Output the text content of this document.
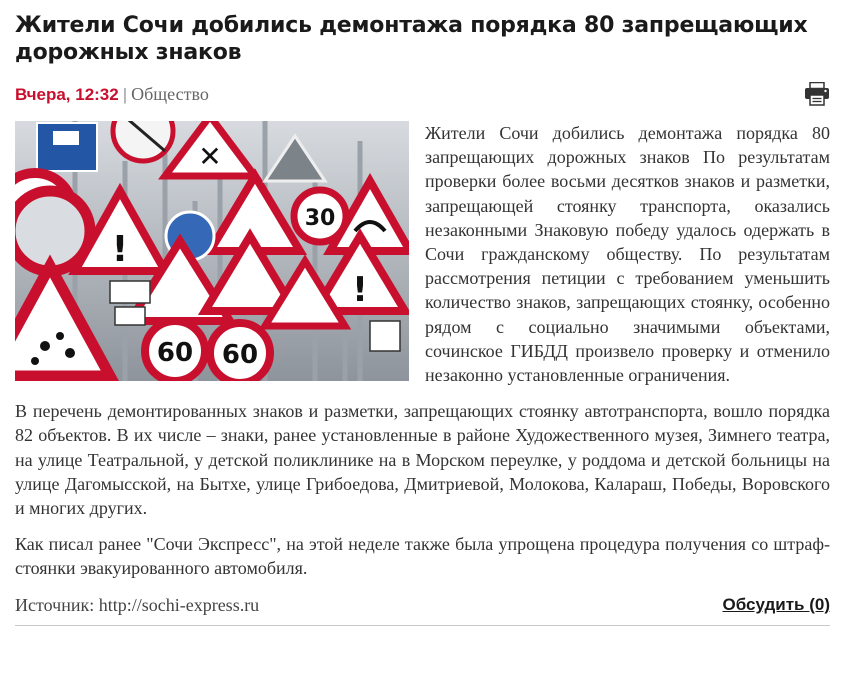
Жители Сочи добились демонтажа порядка 80 запрещающих дорожных знаков
Вчера, 12:32 | Общество
✕
!
30
!
60 60

Жители Сочи добились демонтажа порядка 80 запрещающих дорожных знаков По результатам проверки более восьми десятков знаков и разметки, запрещающей стоянку транспорта, оказались незаконными Знаковую победу удалось одержать в Сочи гражданскому обществу. По результатам рассмотрения петиции с требованием уменьшить количество знаков, запрещающих стоянку, особенно рядом с социально значимыми объектами, сочинское ГИБДД произвело проверку и отменило незаконно установленные ограничения.

В перечень демонтированных знаков и разметки, запрещающих стоянку автотранспорта, вошло порядка 82 объектов. В их числе – знаки, ранее установленные в районе Художественного музея, Зимнего театра, на улице Театральной, у детской поликлинике на в Морском переулке, у роддома и детской больницы на улице Дагомысской, на Бытхе, улице Грибоедова, Дмитриевой, Молокова, Калараш, Победы, Воровского и многих других.

Как писал ранее "Сочи Экспресс", на этой неделе также была упрощена процедура получения со штраф-стоянки эвакуированного автомобиля.

Источник: http://sochi-express.ru	Обсудить (0)
